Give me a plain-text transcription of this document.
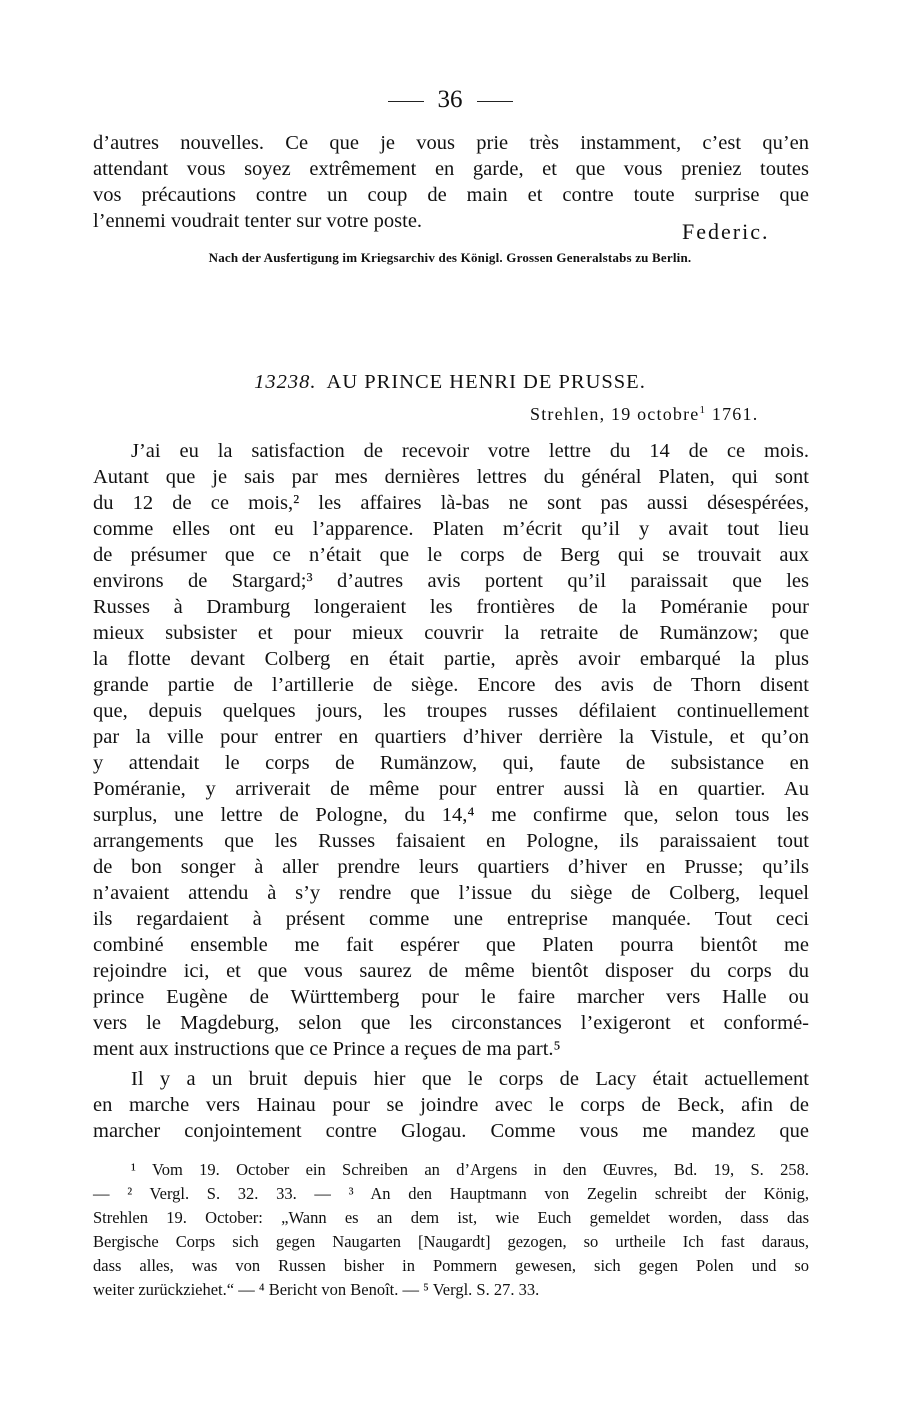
36
d’autres nouvelles. Ce que je vous prie très instamment, c’est qu’en
attendant vous soyez extrêmement en garde, et que vous preniez toutes
vos précautions contre un coup de main et contre toute surprise que
l’ennemi voudrait tenter sur votre poste.	Federic.
Nach der Ausfertigung im Kriegsarchiv des Königl. Grossen Generalstabs zu Berlin.
13238. AU PRINCE HENRI DE PRUSSE.
Strehlen, 19 octobre$^1$ 1761.
J’ai eu la satisfaction de recevoir votre lettre du 14 de ce mois.
Autant que je sais par mes dernières lettres du général Platen, qui sont
du 12 de ce mois,² les affaires là-bas ne sont pas aussi désespérées,
comme elles ont eu l’apparence. Platen m’écrit qu’il y avait tout lieu
de présumer que ce n’était que le corps de Berg qui se trouvait aux
environs de Stargard;³ d’autres avis portent qu’il paraissait que les
Russes à Dramburg longeraient les frontières de la Poméranie pour
mieux subsister et pour mieux couvrir la retraite de Rumänzow; que
la flotte devant Colberg en était partie, après avoir embarqué la plus
grande partie de l’artillerie de siège. Encore des avis de Thorn disent
que, depuis quelques jours, les troupes russes défilaient continuellement
par la ville pour entrer en quartiers d’hiver derrière la Vistule, et qu’on
y attendait le corps de Rumänzow, qui, faute de subsistance en
Poméranie, y arriverait de même pour entrer aussi là en quartier. Au
surplus, une lettre de Pologne, du 14,⁴ me confirme que, selon tous les
arrangements que les Russes faisaient en Pologne, ils paraissaient tout
de bon songer à aller prendre leurs quartiers d’hiver en Prusse; qu’ils
n’avaient attendu à s’y rendre que l’issue du siège de Colberg, lequel
ils regardaient à présent comme une entreprise manquée. Tout ceci
combiné ensemble me fait espérer que Platen pourra bientôt me
rejoindre ici, et que vous saurez de même bientôt disposer du corps du
prince Eugène de Württemberg pour le faire marcher vers Halle ou
vers le Magdeburg, selon que les circonstances l’exigeront et conformé-
ment aux instructions que ce Prince a reçues de ma part.⁵
Il y a un bruit depuis hier que le corps de Lacy était actuellement
en marche vers Hainau pour se joindre avec le corps de Beck, afin de
marcher conjointement contre Glogau. Comme vous me mandez que
¹ Vom 19. October ein Schreiben an d’Argens in den Œuvres, Bd. 19, S. 258.
— ² Vergl. S. 32. 33. — ³ An den Hauptmann von Zegelin schreibt der König,
Strehlen 19. October: „Wann es an dem ist, wie Euch gemeldet worden, dass das
Bergische Corps sich gegen Naugarten [Naugardt] gezogen, so urtheile Ich fast daraus,
dass alles, was von Russen bisher in Pommern gewesen, sich gegen Polen und so
weiter zurückziehet.“ — ⁴ Bericht von Benoît. — ⁵ Vergl. S. 27. 33.
